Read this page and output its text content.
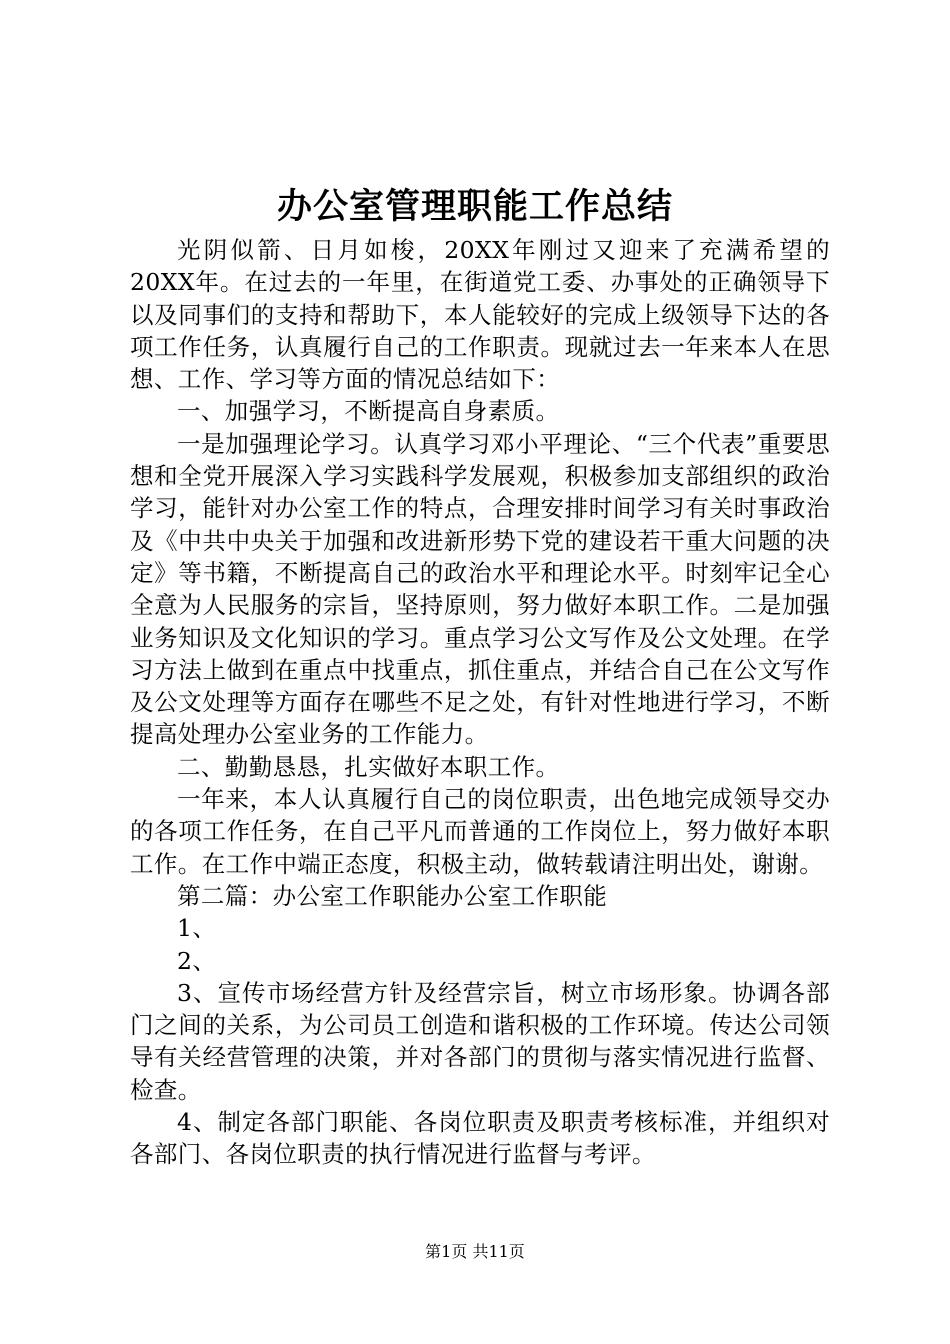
办公室管理职能工作总结

光阴似箭、日月如梭，20XX年刚过又迎来了充满希望的20XX年。在过去的一年里，在街道党工委、办事处的正确领导下以及同事们的支持和帮助下，本人能较好的完成上级领导下达的各项工作任务，认真履行自己的工作职责。现就过去一年来本人在思想、工作、学习等方面的情况总结如下：

一、加强学习，不断提高自身素质。

一是加强理论学习。认真学习邓小平理论、“三个代表”重要思想和全党开展深入学习实践科学发展观，积极参加支部组织的政治学习，能针对办公室工作的特点，合理安排时间学习有关时事政治及《中共中央关于加强和改进新形势下党的建设若干重大问题的决定》等书籍，不断提高自己的政治水平和理论水平。时刻牢记全心全意为人民服务的宗旨，坚持原则，努力做好本职工作。二是加强业务知识及文化知识的学习。重点学习公文写作及公文处理。在学习方法上做到在重点中找重点，抓住重点，并结合自己在公文写作及公文处理等方面存在哪些不足之处，有针对性地进行学习，不断提高处理办公室业务的工作能力。

二、勤勤恳恳，扎实做好本职工作。

一年来，本人认真履行自己的岗位职责，出色地完成领导交办的各项工作任务，在自己平凡而普通的工作岗位上，努力做好本职工作。在工作中端正态度，积极主动，做转载请注明出处，谢谢。

第二篇：办公室工作职能办公室工作职能

1、

2、

3、宣传市场经营方针及经营宗旨，树立市场形象。协调各部门之间的关系，为公司员工创造和谐积极的工作环境。传达公司领导有关经营管理的决策，并对各部门的贯彻与落实情况进行监督、检查。

4、制定各部门职能、各岗位职责及职责考核标准，并组织对各部门、各岗位职责的执行情况进行监督与考评。

第1页 共11页
